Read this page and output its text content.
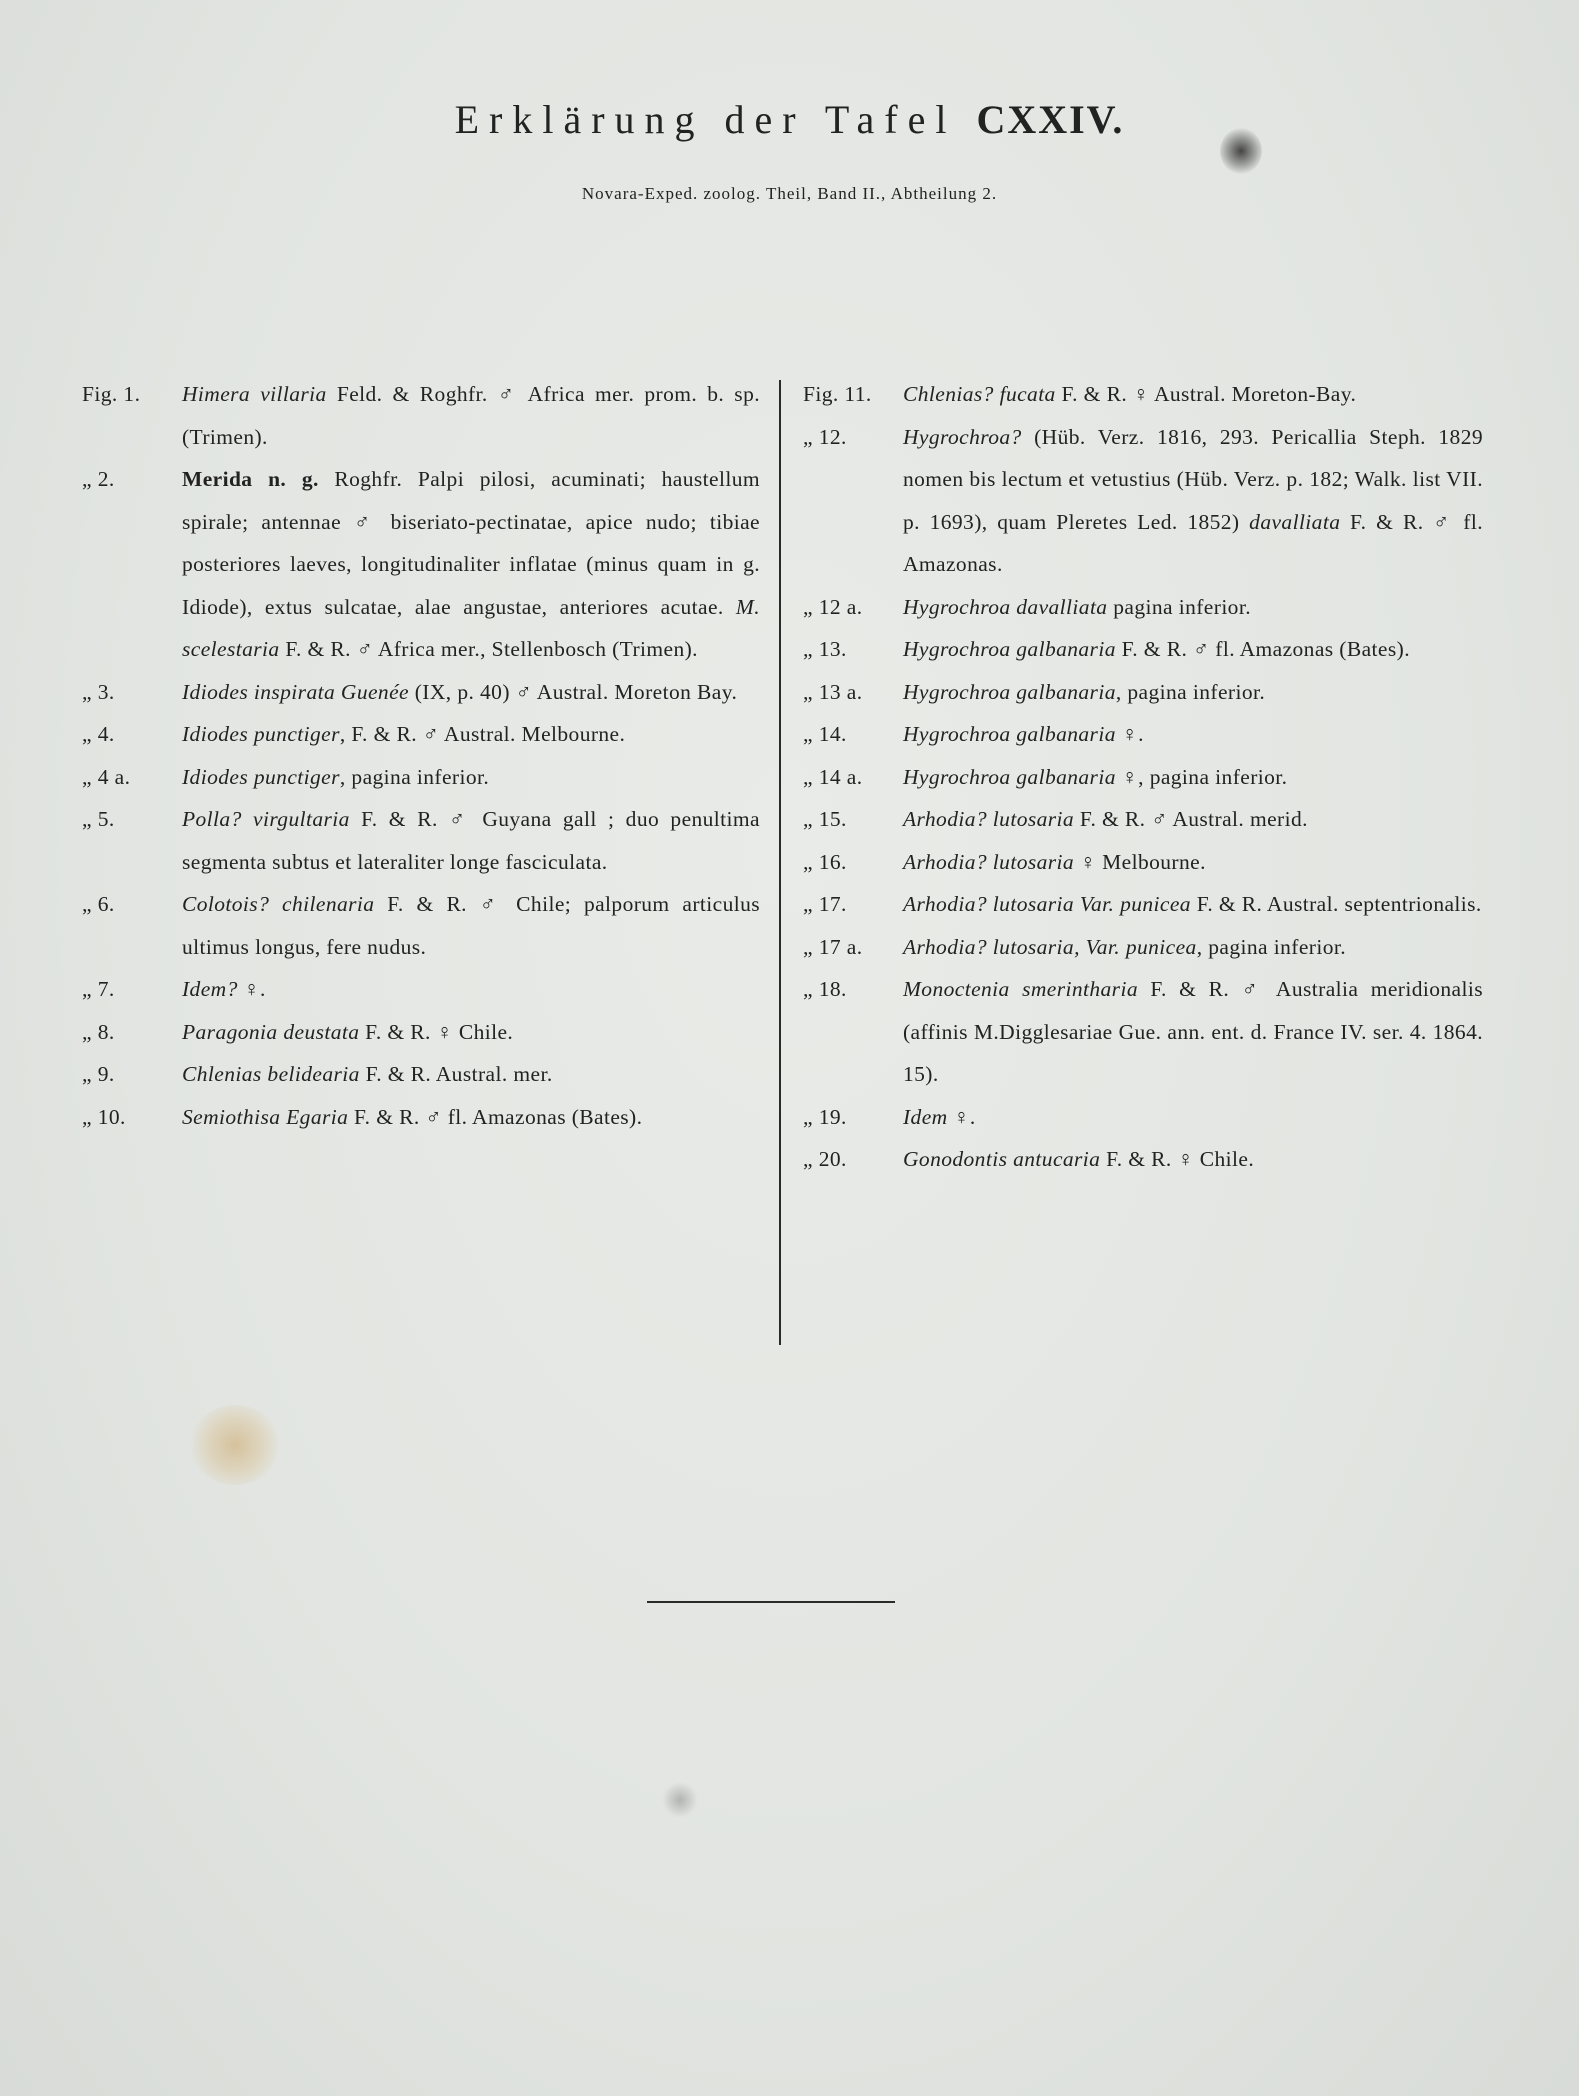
Erklärung der Tafel CXXIV.
Novara-Exped. zoolog. Theil, Band II., Abtheilung 2.
Fig. 1.	Himera villaria Feld. & Roghfr. ♂ Africa mer. prom. b. sp. (Trimen).
„ 2.	Merida n. g. Roghfr. Palpi pilosi, acuminati; haustellum spirale; antennae ♂ biseriato-pectinatae, apice nudo; tibiae posteriores laeves, longitudinaliter inflatae (minus quam in g. Idiode), extus sulcatae, alae angustae, anteriores acutae. M. scelestaria F. & R. ♂ Africa mer., Stellenbosch (Trimen).
„ 3.	Idiodes inspirata Guenée (IX, p. 40) ♂ Austral. Moreton Bay.
„ 4.	Idiodes punctiger, F. & R. ♂ Austral. Melbourne.
„ 4 a.	Idiodes punctiger, pagina inferior.
„ 5.	Polla? virgultaria F. & R. ♂ Guyana gall ; duo penultima segmenta subtus et lateraliter longe fasciculata.
„ 6.	Colotois? chilenaria F. & R. ♂ Chile; palporum articulus ultimus longus, fere nudus.
„ 7.	Idem? ♀.
„ 8.	Paragonia deustata F. & R. ♀ Chile.
„ 9.	Chlenias belidearia F. & R. Austral. mer.
„ 10.	Semiothisa Egaria F. & R. ♂ fl. Amazonas (Bates).
Fig. 11.	Chlenias? fucata F. & R. ♀ Austral. Moreton-Bay.
„ 12.	Hygrochroa? (Hüb. Verz. 1816, 293. Pericallia Steph. 1829 nomen bis lectum et vetustius (Hüb. Verz. p. 182; Walk. list VII. p. 1693), quam Pleretes Led. 1852) davalliata F. & R. ♂ fl. Amazonas.
„ 12 a.	Hygrochroa davalliata pagina inferior.
„ 13.	Hygrochroa galbanaria F. & R. ♂ fl. Amazonas (Bates).
„ 13 a.	Hygrochroa galbanaria, pagina inferior.
„ 14.	Hygrochroa galbanaria ♀.
„ 14 a.	Hygrochroa galbanaria ♀, pagina inferior.
„ 15.	Arhodia? lutosaria F. & R. ♂ Austral. merid.
„ 16.	Arhodia? lutosaria ♀ Melbourne.
„ 17.	Arhodia? lutosaria Var. punicea F. & R. Austral. septentrionalis.
„ 17 a.	Arhodia? lutosaria, Var. punicea, pagina inferior.
„ 18.	Monoctenia smerintharia F. & R. ♂ Australia meridionalis (affinis M.Digglesariae Gue. ann. ent. d. France IV. ser. 4. 1864. 15).
„ 19.	Idem ♀.
„ 20.	Gonodontis antucaria F. & R. ♀ Chile.
